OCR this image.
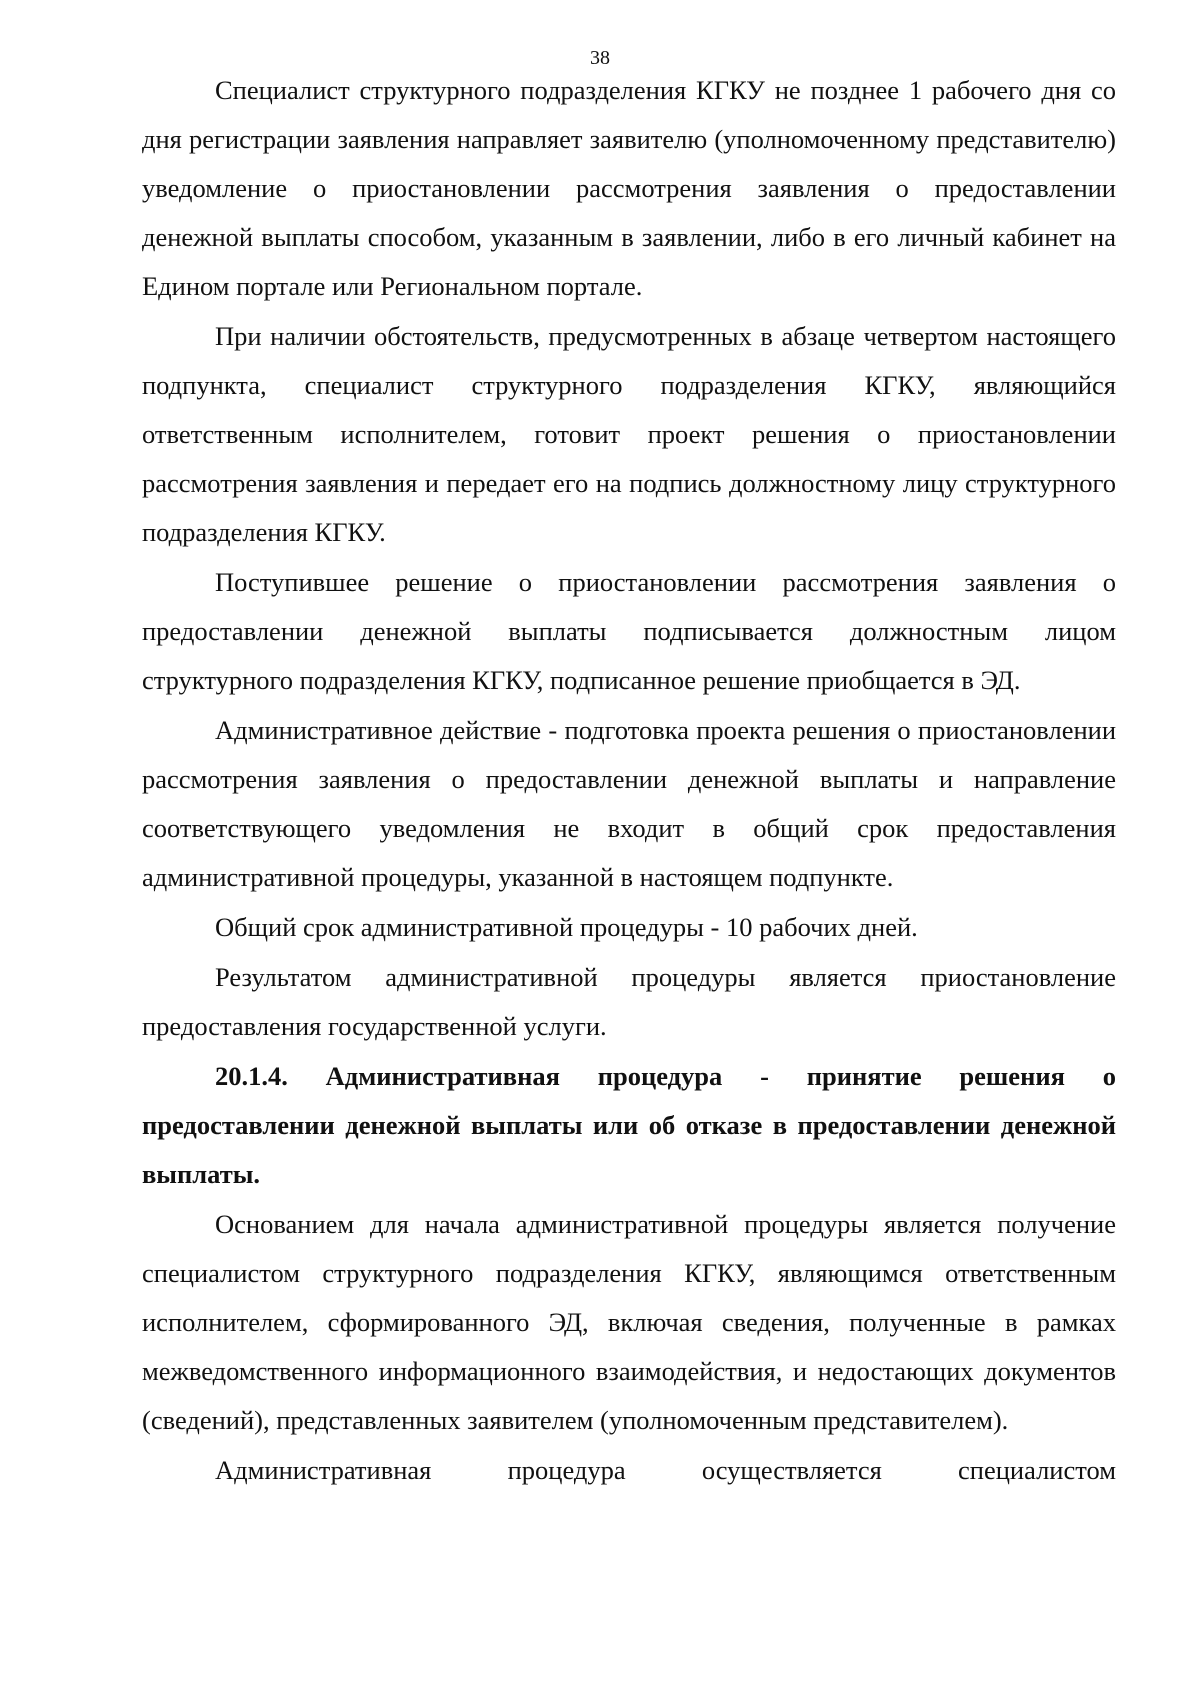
38

Специалист структурного подразделения КГКУ не позднее 1 рабочего дня со дня регистрации заявления направляет заявителю (уполномоченному представителю) уведомление о приостановлении рассмотрения заявления о предоставлении денежной выплаты способом, указанным в заявлении, либо в его личный кабинет на Едином портале или Региональном портале.

При наличии обстоятельств, предусмотренных в абзаце четвертом настоящего подпункта, специалист структурного подразделения КГКУ, являющийся ответственным исполнителем, готовит проект решения о приостановлении рассмотрения заявления и передает его на подпись должностному лицу структурного подразделения КГКУ.

Поступившее решение о приостановлении рассмотрения заявления о предоставлении денежной выплаты подписывается должностным лицом структурного подразделения КГКУ, подписанное решение приобщается в ЭД.

Административное действие - подготовка проекта решения о приостановлении рассмотрения заявления о предоставлении денежной выплаты и направление соответствующего уведомления не входит в общий срок предоставления административной процедуры, указанной в настоящем подпункте.

Общий срок административной процедуры - 10 рабочих дней.

Результатом административной процедуры является приостановление предоставления государственной услуги.

20.1.4. Административная процедура - принятие решения о предоставлении денежной выплаты или об отказе в предоставлении денежной выплаты.

Основанием для начала административной процедуры является получение специалистом структурного подразделения КГКУ, являющимся ответственным исполнителем, сформированного ЭД, включая сведения, полученные в рамках межведомственного информационного взаимодействия, и недостающих документов (сведений), представленных заявителем (уполномоченным представителем).

Административная процедура осуществляется специалистом
